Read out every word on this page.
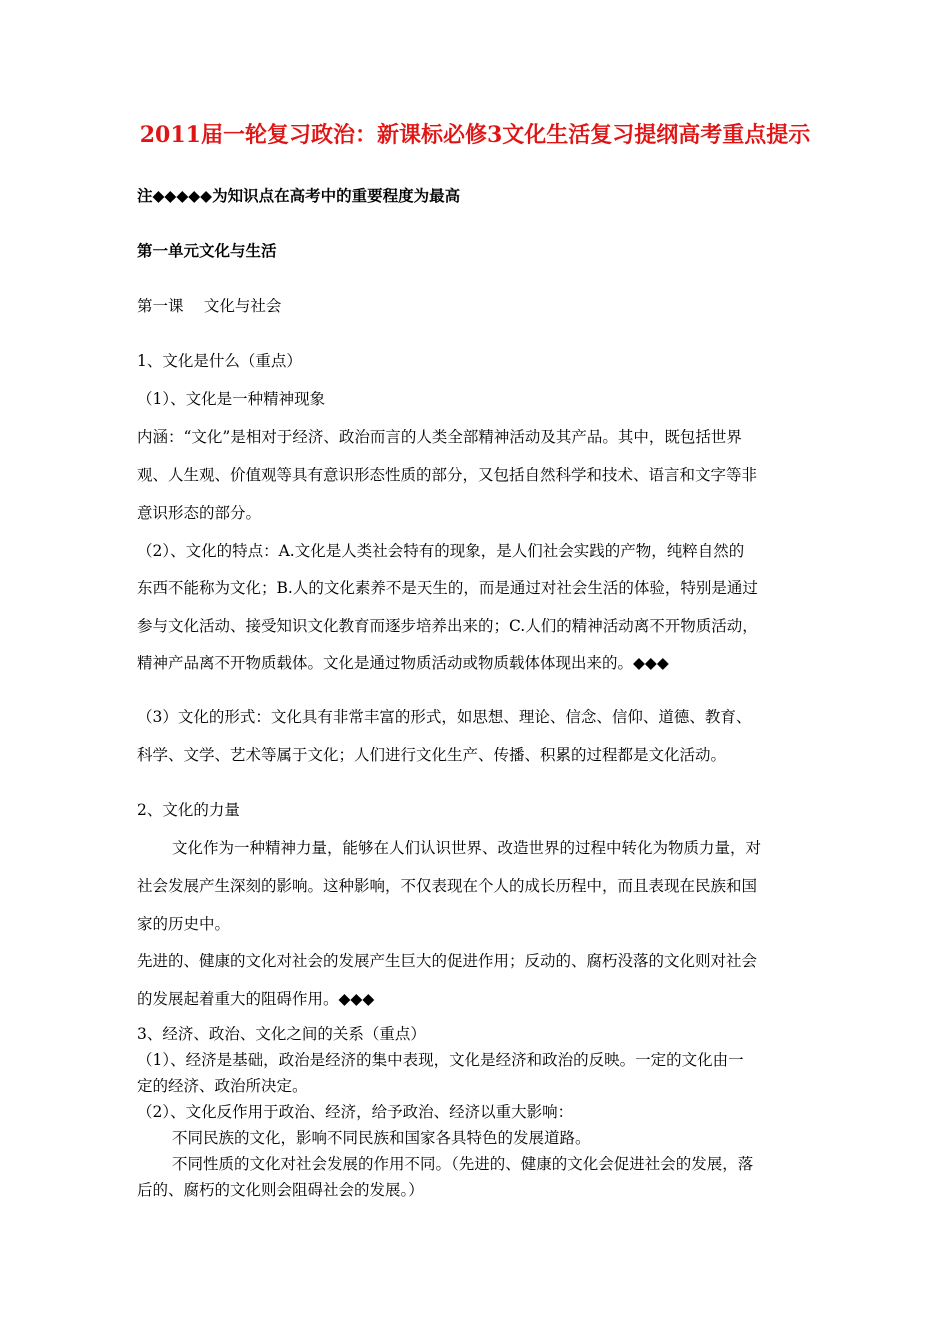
2011届一轮复习政治：新课标必修3文化生活复习提纲高考重点提示
注◆◆◆◆◆为知识点在高考中的重要程度为最高
第一单元文化与生活
第一课　 文化与社会
1、文化是什么（重点）
（1）、文化是一种精神现象
内涵：“文化”是相对于经济、政治而言的人类全部精神活动及其产品。其中，既包括世界
观、人生观、价值观等具有意识形态性质的部分，又包括自然科学和技术、语言和文字等非
意识形态的部分。
（2）、文化的特点：A.文化是人类社会特有的现象，是人们社会实践的产物，纯粹自然的
东西不能称为文化；B.人的文化素养不是天生的，而是通过对社会生活的体验，特别是通过
参与文化活动、接受知识文化教育而逐步培养出来的；C.人们的精神活动离不开物质活动，
精神产品离不开物质载体。文化是通过物质活动或物质载体体现出来的。◆◆◆
（3）文化的形式：文化具有非常丰富的形式，如思想、理论、信念、信仰、道德、教育、
科学、文学、艺术等属于文化；人们进行文化生产、传播、积累的过程都是文化活动。
2、文化的力量
文化作为一种精神力量，能够在人们认识世界、改造世界的过程中转化为物质力量，对
社会发展产生深刻的影响。这种影响，不仅表现在个人的成长历程中，而且表现在民族和国
家的历史中。
先进的、健康的文化对社会的发展产生巨大的促进作用；反动的、腐朽没落的文化则对社会
的发展起着重大的阻碍作用。◆◆◆
3、经济、政治、文化之间的关系（重点）
（1）、经济是基础，政治是经济的集中表现，文化是经济和政治的反映。一定的文化由一
定的经济、政治所决定。
（2）、文化反作用于政治、经济，给予政治、经济以重大影响：
不同民族的文化，影响不同民族和国家各具特色的发展道路。
不同性质的文化对社会发展的作用不同。（先进的、健康的文化会促进社会的发展，落
后的、腐朽的文化则会阻碍社会的发展。）
